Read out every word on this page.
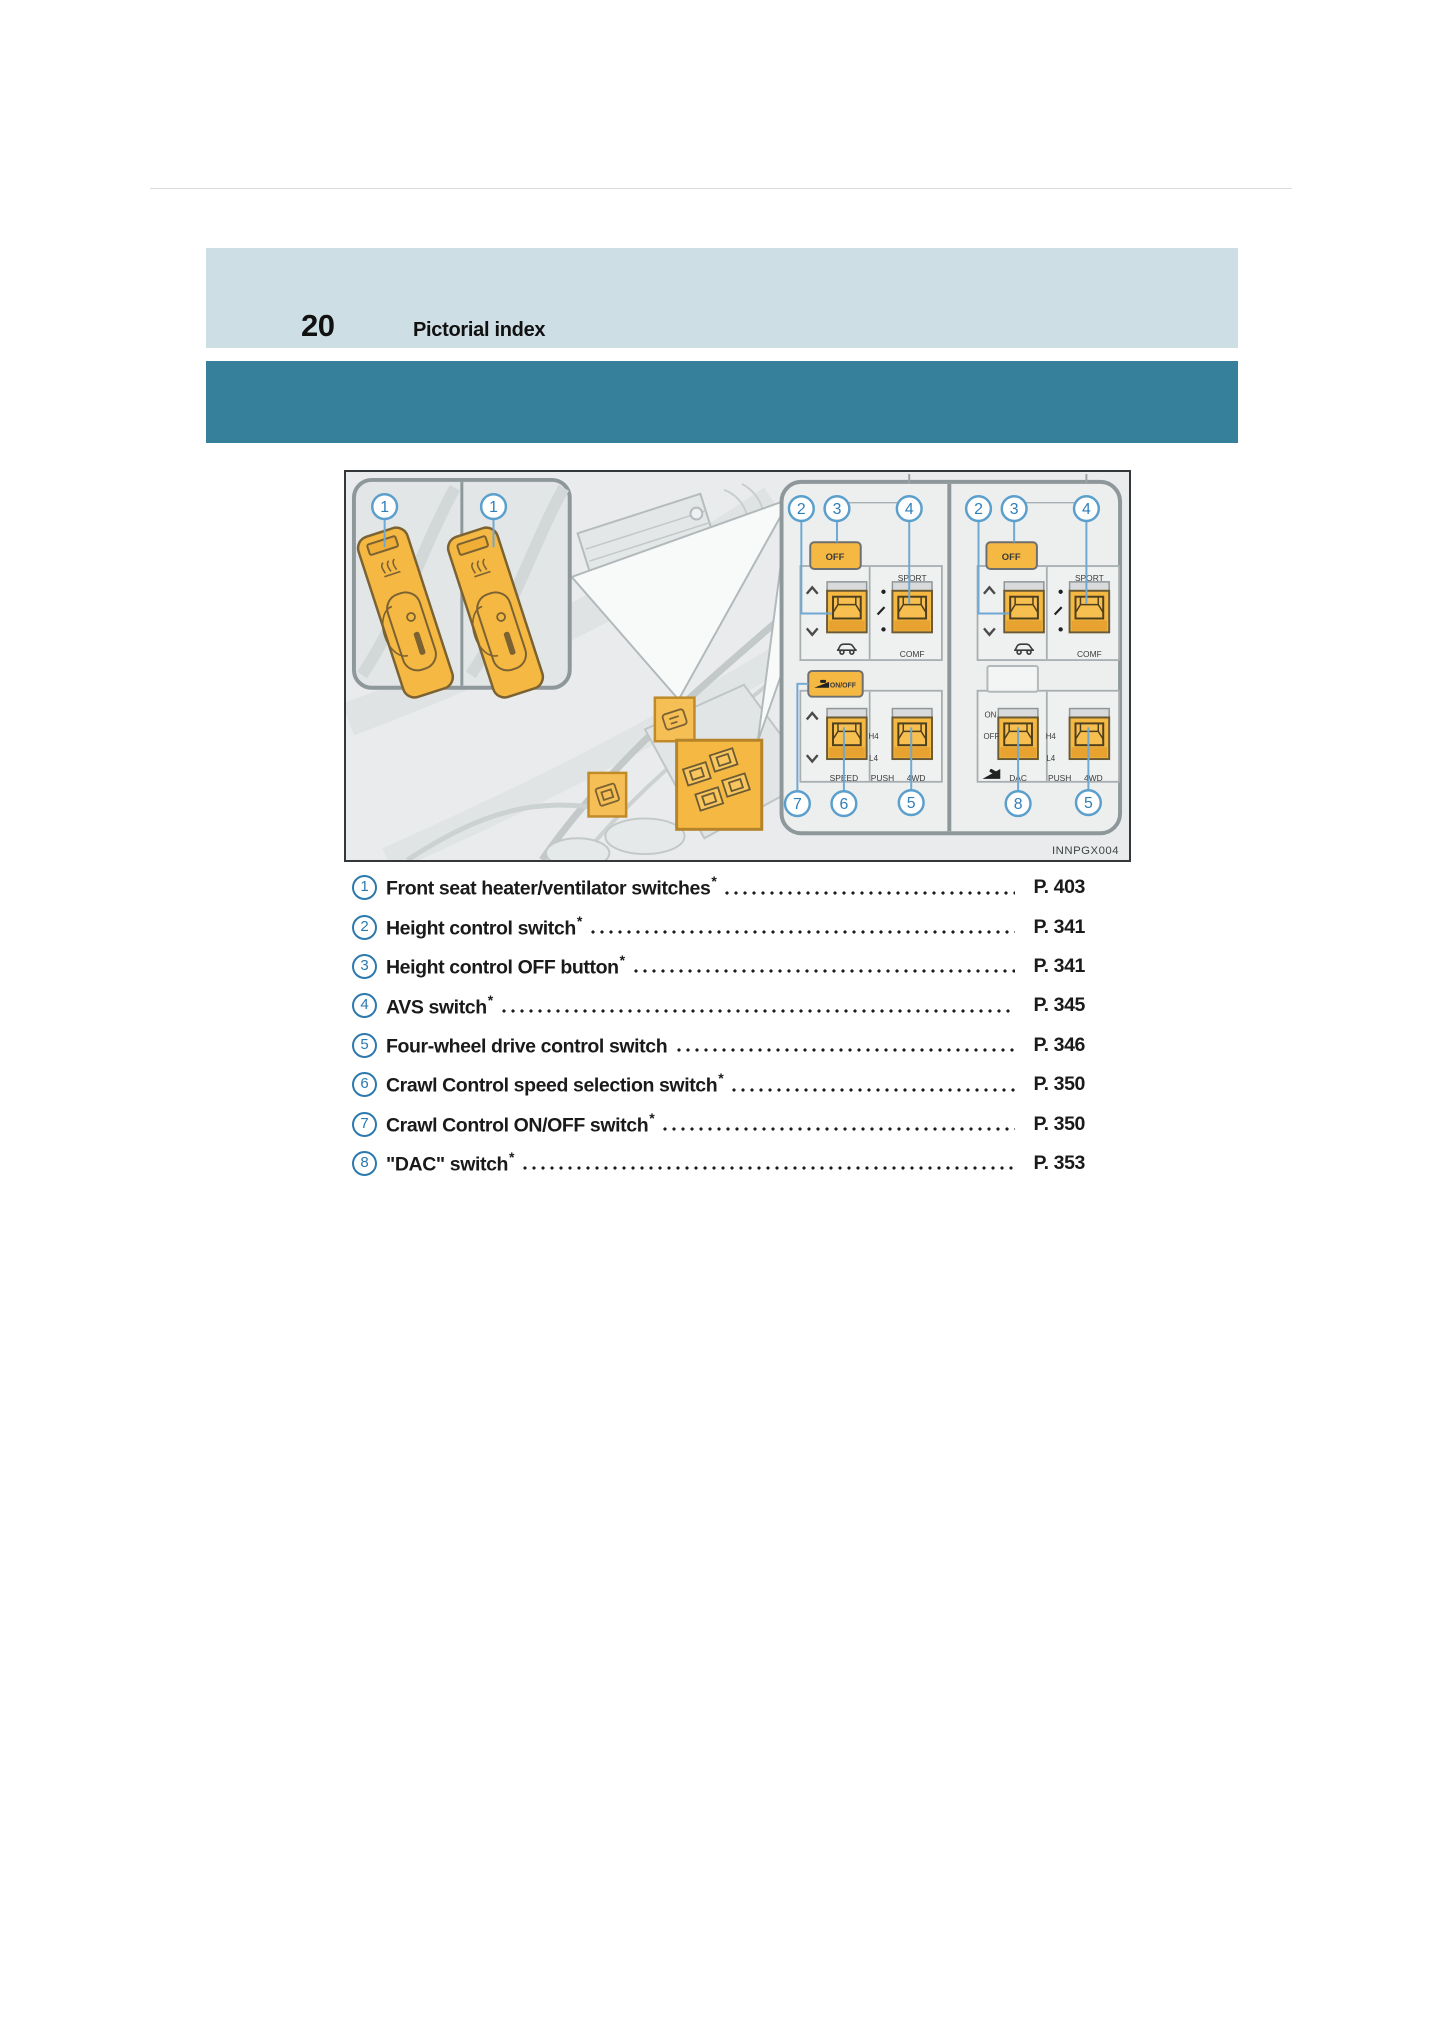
20	Pictorial index
OFF	OFF
ON/OFF
SPORT
COMF
SPORT
COMF
SPEED PUSH 4WD
H4
L4
H4
L4
PUSH 4WD
ON
OFF
DAC
1	1	2 3	4	2 3	4
7 6	5	8	5
INNPGX004
1 Front seat heater/ventilator switches*	P. 403
2 Height control switch*	P. 341
3 Height control OFF button*	P. 341
4 AVS switch*	P. 345
5 Four-wheel drive control switch	P. 346
6 Crawl Control speed selection switch*	P. 350
7 Crawl Control ON/OFF switch*	P. 350
8 "DAC" switch*	P. 353
